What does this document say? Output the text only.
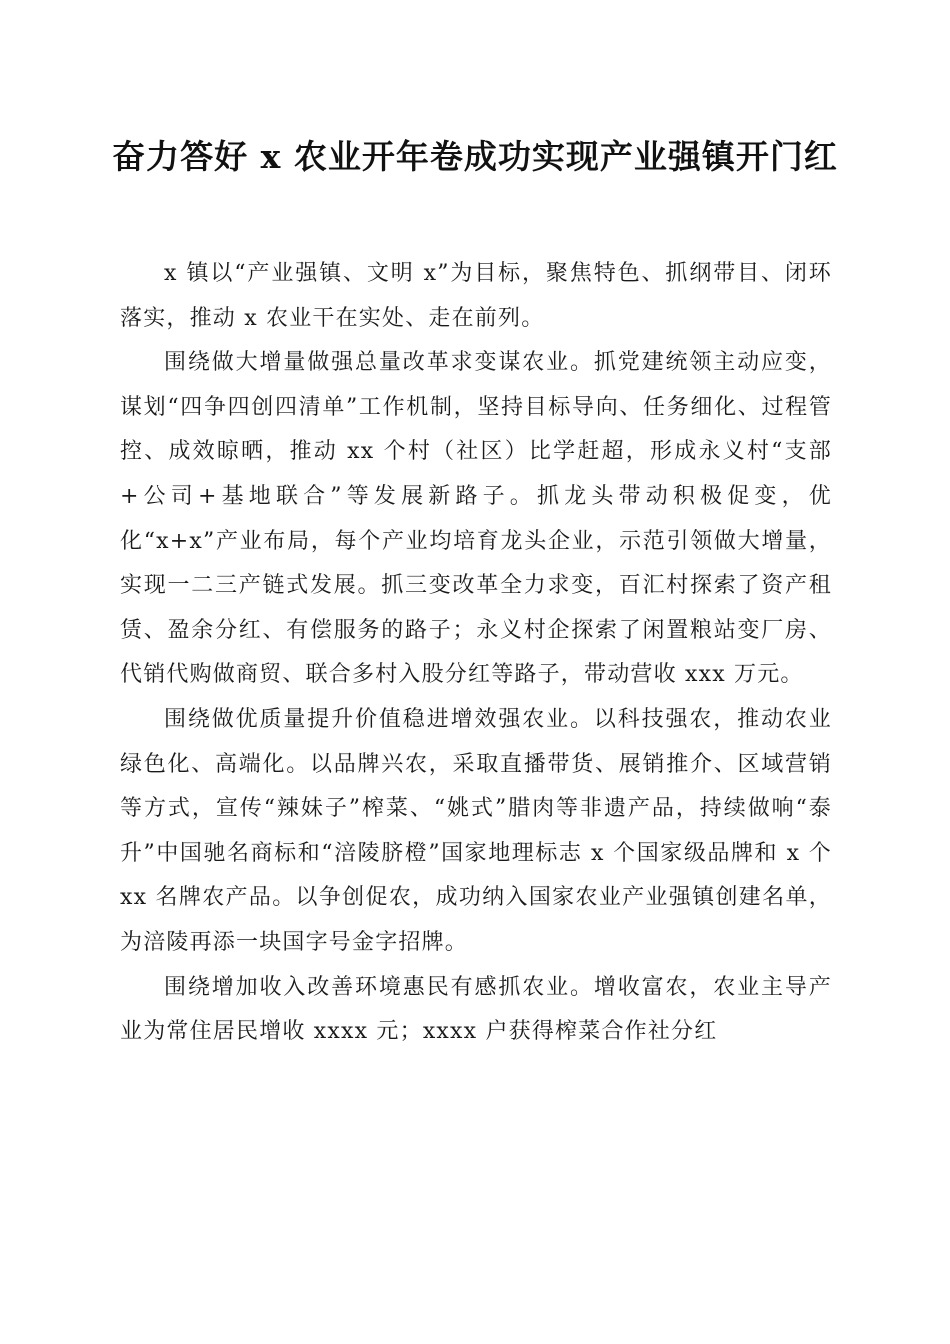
奋力答好 x 农业开年卷成功实现产业强镇开门红

x 镇以“产业强镇、文明 x”为目标，聚焦特色、抓纲带目、闭环落实，推动 x 农业干在实处、走在前列。

围绕做大增量做强总量改革求变谋农业。抓党建统领主动应变，谋划“四争四创四清单”工作机制，坚持目标导向、任务细化、过程管控、成效晾晒，推动 xx 个村（社区）比学赶超，形成永义村“支部+公司+基地联合”等发展新路子。抓龙头带动积极促变，优化“x+x”产业布局，每个产业均培育龙头企业，示范引领做大增量，实现一二三产链式发展。抓三变改革全力求变，百汇村探索了资产租赁、盈余分红、有偿服务的路子；永义村企探索了闲置粮站变厂房、代销代购做商贸、联合多村入股分红等路子，带动营收 xxx 万元。

围绕做优质量提升价值稳进增效强农业。以科技强农，推动农业绿色化、高端化。以品牌兴农，采取直播带货、展销推介、区域营销等方式，宣传“辣妹子”榨菜、“姚式”腊肉等非遗产品，持续做响“泰升”中国驰名商标和“涪陵脐橙”国家地理标志 x 个国家级品牌和 x 个 xx 名牌农产品。以争创促农，成功纳入国家农业产业强镇创建名单，为涪陵再添一块国字号金字招牌。

围绕增加收入改善环境惠民有感抓农业。增收富农，农业主导产业为常住居民增收 xxxx 元；xxxx 户获得榨菜合作社分红
